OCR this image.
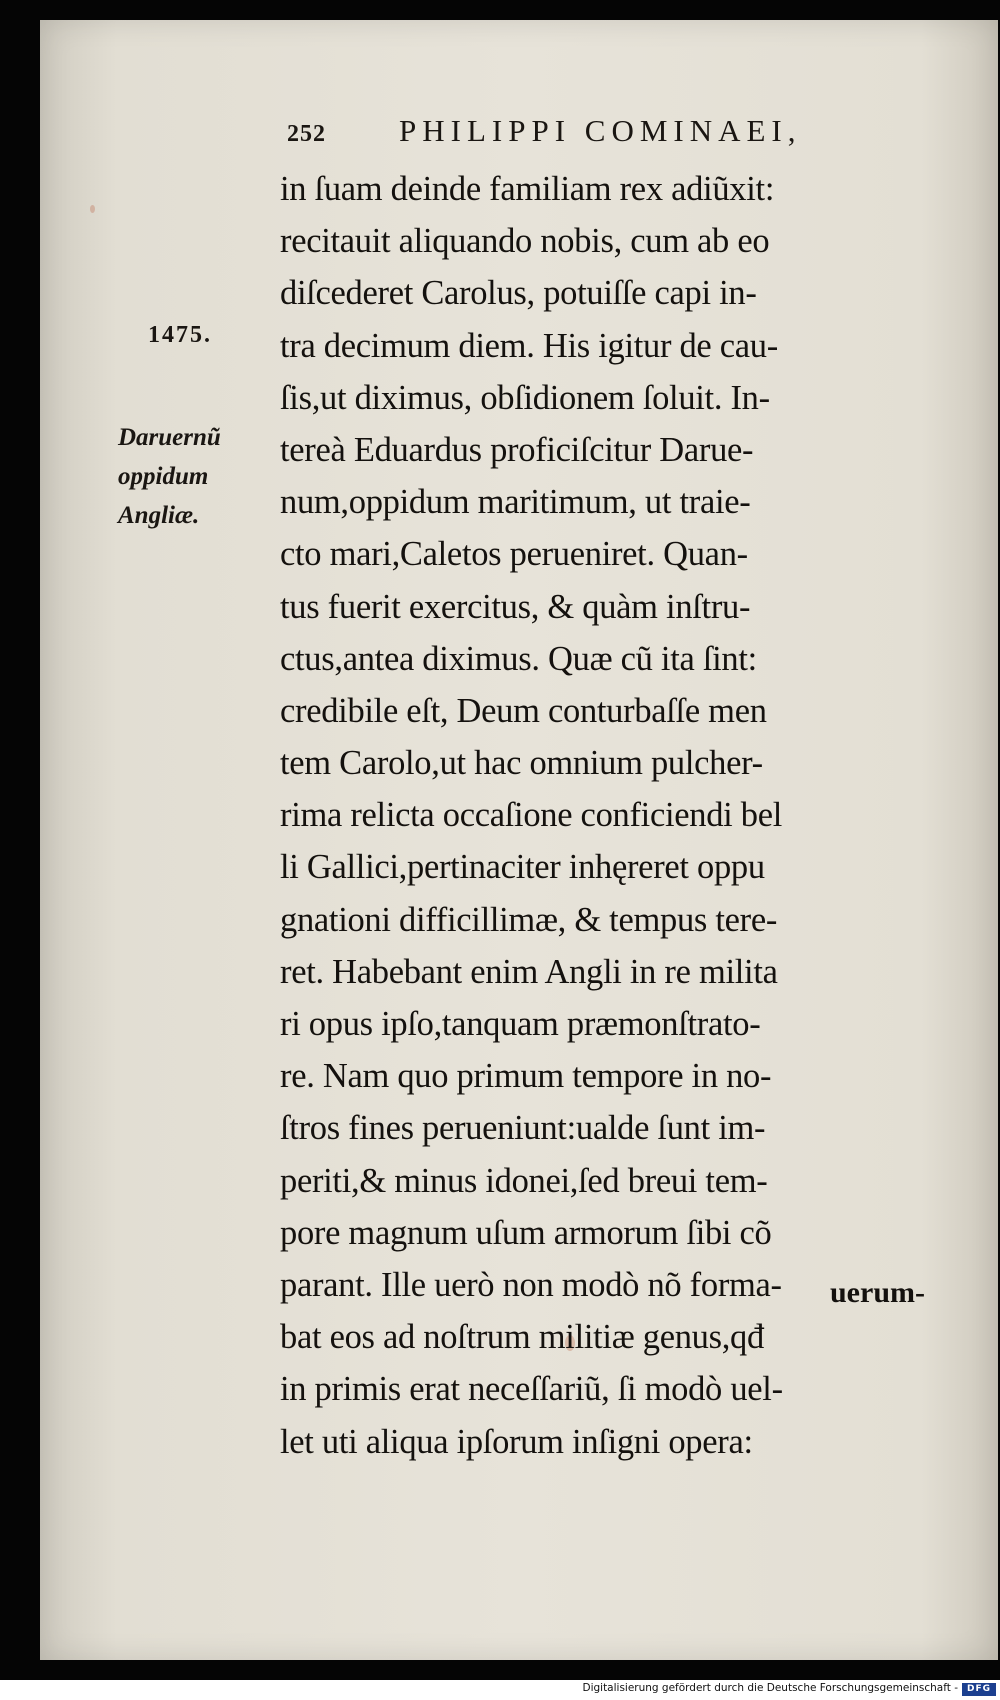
252 PHILIPPI COMINAEI,
1475.
Daruernũ
oppidum
Angliæ.
in ſuam deinde familiam rex adiũxit:
recitauit aliquando nobis, cum ab eo
diſcederet Carolus, potuiſſe capi in-
tra decimum diem. His igitur de cau-
ſis,ut diximus, obſidionem ſoluit. In-
tereà Eduardus proficiſcitur Darue-
num,oppidum maritimum, ut traie-
cto mari,Caletos perueniret. Quan-
tus fuerit exercitus, & quàm inſtru-
ctus,antea diximus. Quæ cũ ita ſint:
credibile eſt, Deum conturbaſſe men
tem Carolo,ut hac omnium pulcher-
rima relicta occaſione conficiendi bel
li Gallici,pertinaciter inhęreret oppu
gnationi difficillimæ, & tempus tere-
ret. Habebant enim Angli in re milita
ri opus ipſo,tanquam præmonſtrato-
re. Nam quo primum tempore in no-
ſtros fines perueniunt:ualde ſunt im-
periti,& minus idonei,ſed breui tem-
pore magnum uſum armorum ſibi cõ
parant. Ille uerò non modò nõ forma-
bat eos ad noſtrum militiæ genus,qđ
in primis erat neceſſariũ, ſi modò uel-
let uti aliqua ipſorum inſigni opera:
uerum-
Digitalisierung gefördert durch die Deutsche Forschungsgemeinschaft - DFG
